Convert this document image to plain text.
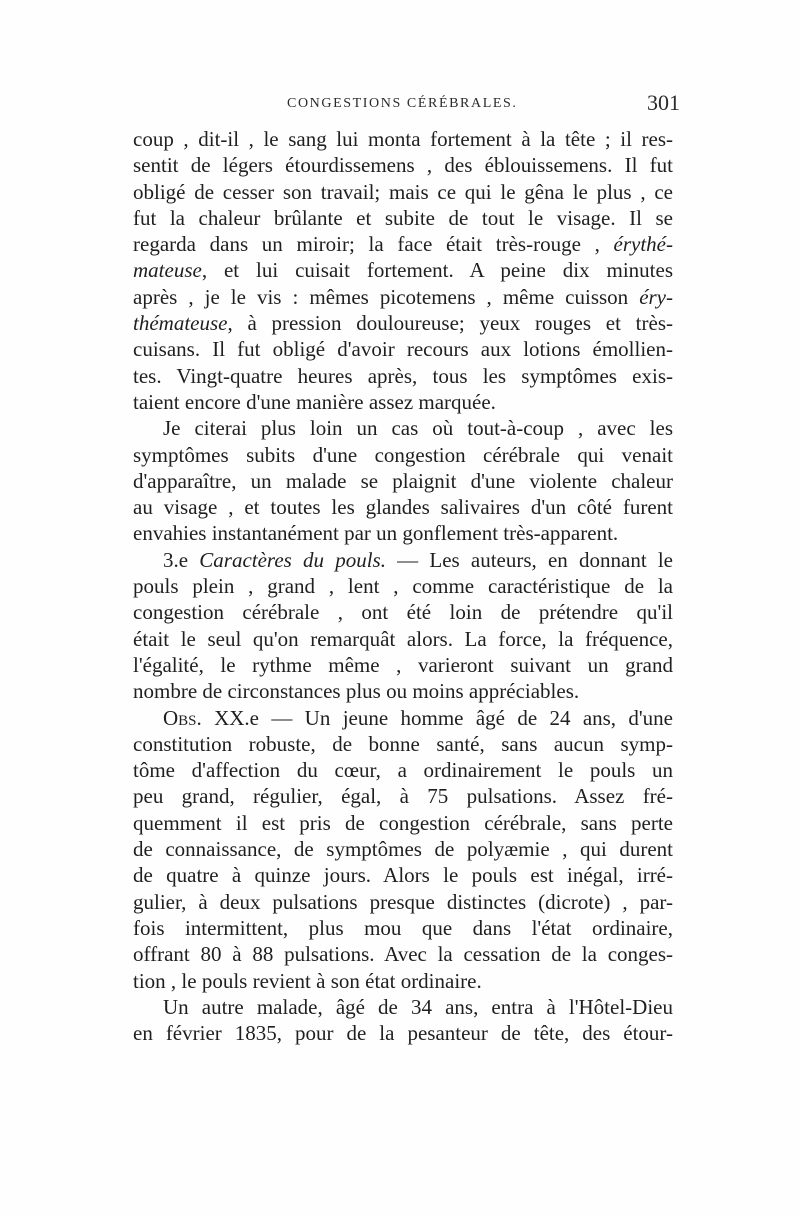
CONGESTIONS CÉRÉBRALES.	301
coup , dit-il , le sang lui monta fortement à la tête ; il res-
sentit de légers étourdissemens , des éblouissemens. Il fut
obligé de cesser son travail; mais ce qui le gêna le plus , ce
fut la chaleur brûlante et subite de tout le visage. Il se
regarda dans un miroir; la face était très-rouge , érythé-
mateuse, et lui cuisait fortement. A peine dix minutes
après , je le vis : mêmes picotemens , même cuisson éry-
thémateuse, à pression douloureuse; yeux rouges et très-
cuisans. Il fut obligé d'avoir recours aux lotions émollien-
tes. Vingt-quatre heures après, tous les symptômes exis-
taient encore d'une manière assez marquée.
Je citerai plus loin un cas où tout-à-coup , avec les
symptômes subits d'une congestion cérébrale qui venait
d'apparaître, un malade se plaignit d'une violente chaleur
au visage , et toutes les glandes salivaires d'un côté furent
envahies instantanément par un gonflement très-apparent.
3.e Caractères du pouls. — Les auteurs, en donnant le
pouls plein , grand , lent , comme caractéristique de la
congestion cérébrale , ont été loin de prétendre qu'il
était le seul qu'on remarquât alors. La force, la fréquence,
l'égalité, le rythme même , varieront suivant un grand
nombre de circonstances plus ou moins appréciables.
Obs. XX.e — Un jeune homme âgé de 24 ans, d'une
constitution robuste, de bonne santé, sans aucun symp-
tôme d'affection du cœur, a ordinairement le pouls un
peu grand, régulier, égal, à 75 pulsations. Assez fré-
quemment il est pris de congestion cérébrale, sans perte
de connaissance, de symptômes de polyæmie , qui durent
de quatre à quinze jours. Alors le pouls est inégal, irré-
gulier, à deux pulsations presque distinctes (dicrote) , par-
fois intermittent, plus mou que dans l'état ordinaire,
offrant 80 à 88 pulsations. Avec la cessation de la conges-
tion , le pouls revient à son état ordinaire.
Un autre malade, âgé de 34 ans, entra à l'Hôtel-Dieu
en février 1835, pour de la pesanteur de tête, des étour-
